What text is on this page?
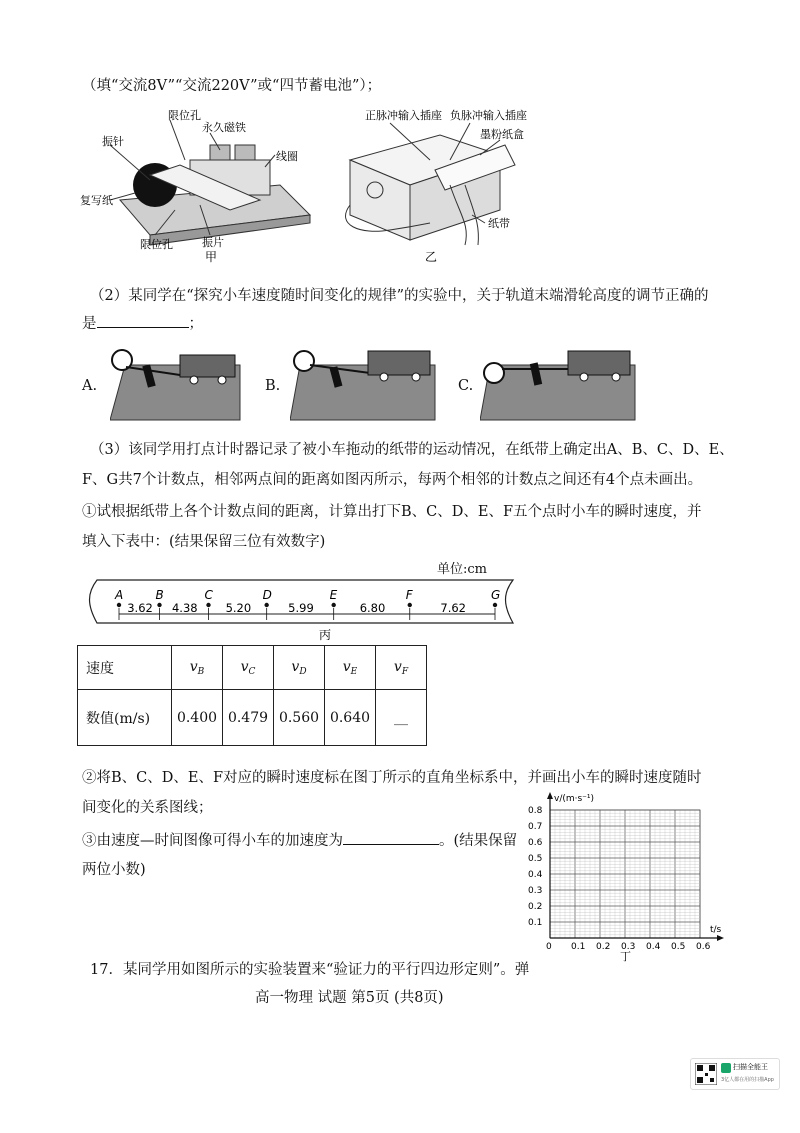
（填“交流8V”“交流220V”或“四节蓄电池”）；
限位孔
永久磁铁
振针
线圈
复写纸
限位孔	振片
甲
正脉冲输入插座 负脉冲输入插座
墨粉纸盒
纸带
乙
（2）某同学在“探究小车速度随时间变化的规律”的实验中，关于轨道末端滑轮高度的调节正确的
是	；
A.	B.	C.
（3）该同学用打点计时器记录了被小车拖动的纸带的运动情况，在纸带上确定出A、B、C、D、E、
F、G共7个计数点，相邻两点间的距离如图丙所示，每两个相邻的计数点之间还有4个点未画出。
①试根据纸带上各个计数点间的距离，计算出打下B、C、D、E、F五个点时小车的瞬时速度，并
填入下表中：(结果保留三位有效数字)
单位:cm
A	B	C	D	E	F	G
3.62 4.38 5.20	5.99	6.80	7.62
丙
速度	$v_B$	$v_C$	$v_D$	$v_E$	$v_F$
数值(m/s)	0.400	0.479	0.560	0.640	__
②将B、C、D、E、F对应的瞬时速度标在图丁所示的直角坐标系中，并画出小车的瞬时速度随时
间变化的关系图线；
③由速度—时间图像可得小车的加速度为	。(结果保留
两位小数)
0.8
0.7
0.6
0.5
0.4
0.3
0.2
0.1
0 0.1 0.2 0.3 0.4 0.5 0.6
v/(m·s⁻¹)
t/s
丁
17．某同学用如图所示的实验装置来“验证力的平行四边形定则”。弹
高一物理 试题 第5页 (共8页)
扫描全能王
3亿人都在用的扫描App
